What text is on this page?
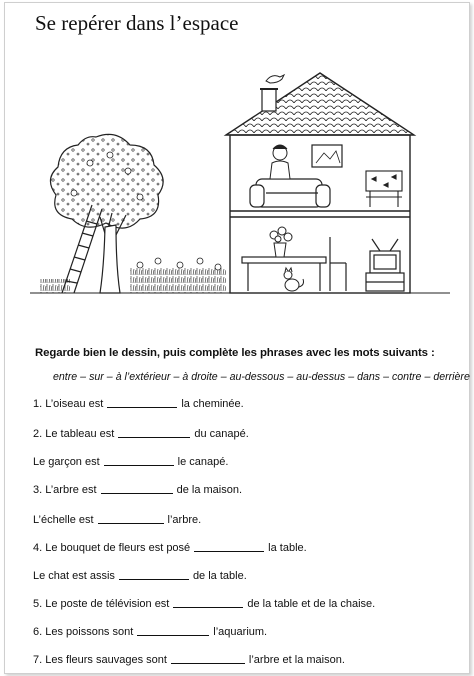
Se repérer dans l’espace
Regarde bien le dessin, puis complète les phrases avec les mots suivants :
entre – sur – à l’extérieur – à droite – au-dessous – au-dessus – dans – contre – derrière
1. L’oiseau est	la cheminée.
2. Le tableau est	du canapé.
Le garçon est	le canapé.
3. L’arbre est	de la maison.
L’échelle est	l’arbre.
4. Le bouquet de fleurs est posé	la table.
Le chat est assis	de la table.
5. Le poste de télévision est	de la table et de la chaise.
6. Les poissons sont	l’aquarium.
7. Les fleurs sauvages sont	l’arbre et la maison.
